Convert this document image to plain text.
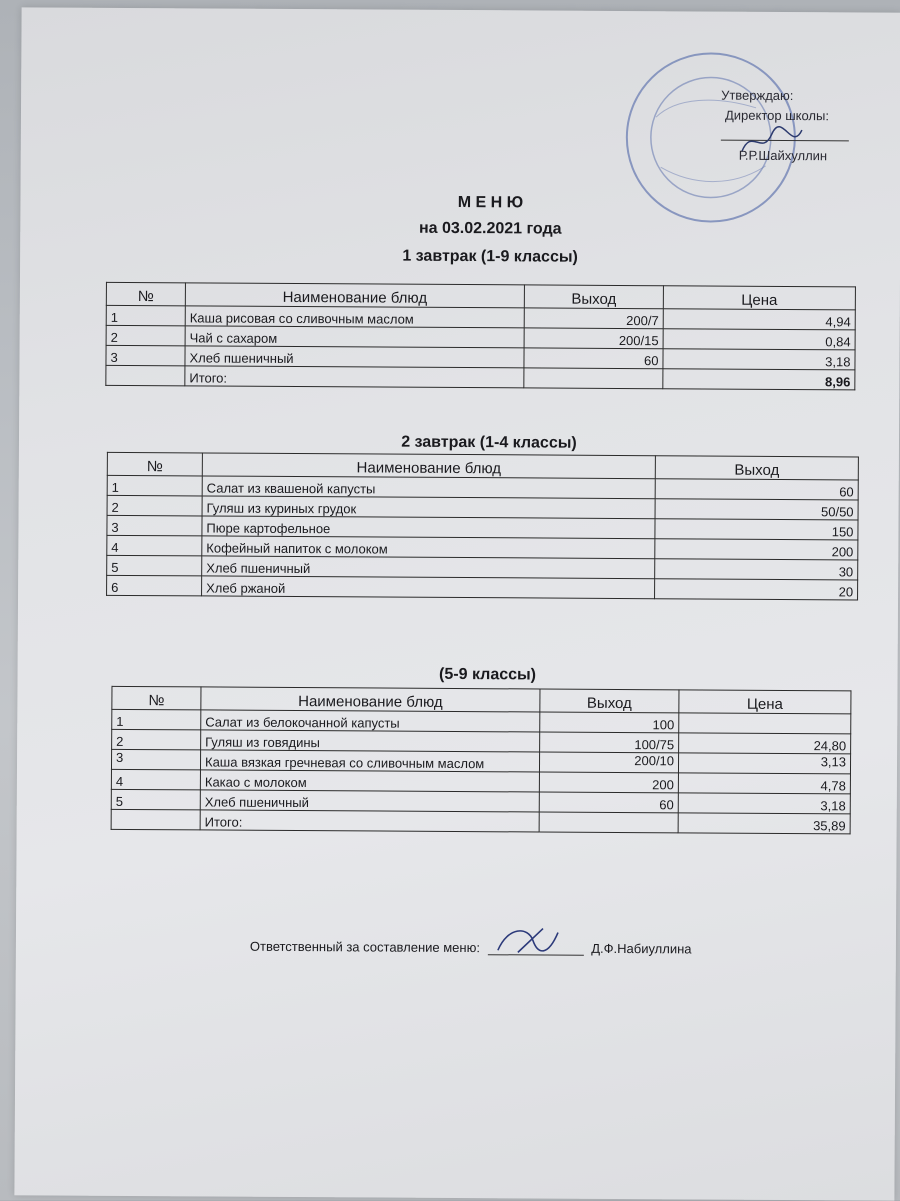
Утверждаю:
Директор школы:
Р.Р.Шайхуллин
М Е Н Ю
на 03.02.2021 года
1 завтрак (1-9 классы)
№	Наименование блюд	Выход	Цена
1	Каша рисовая со сливочным маслом	200/7	4,94
2	Чай с сахаром	200/15	0,84
3	Хлеб пшеничный	60	3,18
	Итого:		8,96
2 завтрак (1-4 классы)
№	Наименование блюд	Выход
1	Салат из квашеной капусты	60
2	Гуляш из куриных грудок	50/50
3	Пюре картофельное	150
4	Кофейный напиток с молоком	200
5	Хлеб пшеничный	30
6	Хлеб ржаной	20
(5-9 классы)
№	Наименование блюд	Выход	Цена
1	Салат из белокочанной капусты	100	
2	Гуляш из говядины	100/75	24,80
3	Каша вязкая гречневая со сливочным маслом	200/10	3,13
4	Какао с молоком	200	4,78
5	Хлеб пшеничный	60	3,18
	Итого:		35,89
Ответственный за составление меню:	Д.Ф.Набиуллина
